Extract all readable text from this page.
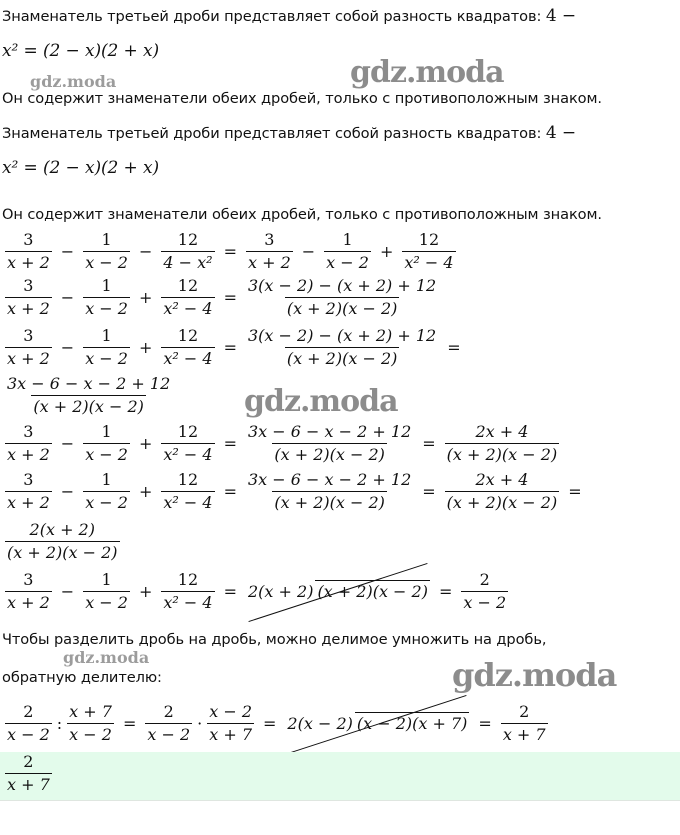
gdz.moda	gdz.moda
gdz.moda
gdz.moda	gdz.moda
Знаменатель третьей дроби представляет собой разность квадратов: 4 −
x² = (2 − x)(2 + x)
Он содержит знаменатели обеих дробей, только с противоположным знаком.
Знаменатель третьей дроби представляет собой разность квадратов: 4 −
x² = (2 − x)(2 + x)
Он содержит знаменатели обеих дробей, только с противоположным знаком.
$\frac{3}{x + 2} - \frac{1}{x - 2} - \frac{12}{\text{4 − x²}} = \frac{3}{x + 2} - \frac{1}{x - 2} + \frac{12}{\text{x² − 4}}$
$\frac{3}{x + 2} - \frac{1}{x - 2} + \frac{12}{\text{x² − 4}} = \frac{3(x - 2) - (x + 2) + 12}{(x + 2)(x - 2)}$
$\frac{3}{x + 2} - \frac{1}{x - 2} + \frac{12}{\text{x² − 4}} = \frac{3(x - 2) - (x + 2) + 12}{(x + 2)(x - 2)}$ =
$\frac{3x - 6 - x - 2 + 12}{(x + 2)(x - 2)}$
$\frac{3}{x + 2} - \frac{1}{x - 2} + \frac{12}{\text{x² − 4}} = \frac{3x - 6 - x - 2 + 12}{(x + 2)(x - 2)} = \frac{2x + 4}{(x + 2)(x - 2)}$
$\frac{3}{x + 2} - \frac{1}{x - 2} + \frac{12}{\text{x² − 4}} = \frac{3x - 6 - x - 2 + 12}{(x + 2)(x - 2)} = \frac{2x + 4}{(x + 2)(x - 2)}$ =
$\frac{2(x + 2)}{(x + 2)(x - 2)}$
$\frac{3}{x + 2} - \frac{1}{x - 2} + \frac{12}{\text{x² − 4}} = 2(x + 2) (x + 2)(x - 2) = \frac{2}{x - 2}$
Чтобы разделить дробь на дробь, можно делимое умножить на дробь,
обратную делителю:
$\frac{2}{x - 2}$ : $\frac{x + 7}{x - 2} = \frac{2}{x - 2} \cdot \frac{x - 2}{x + 7} = 2(x - 2) (x - 2)(x + 7) = \frac{2}{x + 7}$
$\frac{2}{x + 7}$
